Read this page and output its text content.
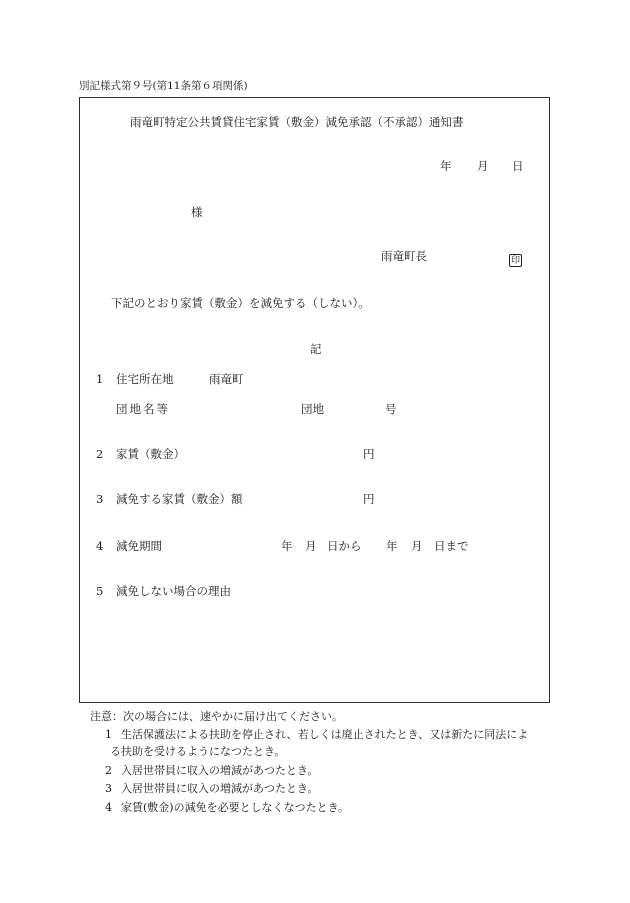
別記様式第９号(第11条第６項関係)
雨竜町特定公共賃貸住宅家賃（敷金）減免承認（不承認）通知書
年 月 日
様
雨竜町長	印
下記のとおり家賃（敷金）を減免する（しない）。
記
1 住宅所在地	雨竜町
団地名等	団地	号
2 家賃（敷金）	円
3 減免する家賃（敷金）額	円
4 減免期間	年 月 日から 年 月 日まで
5 減免しない場合の理由
注意：次の場合には、速やかに届け出てください。
1 生活保護法による扶助を停止され、若しくは廃止されたとき、又は新たに同法によ
る扶助を受けるようになつたとき。
2 入居世帯員に収入の増減があつたとき。
3 入居世帯員に収入の増減があつたとき。
4 家賃(敷金)の減免を必要としなくなつたとき。
